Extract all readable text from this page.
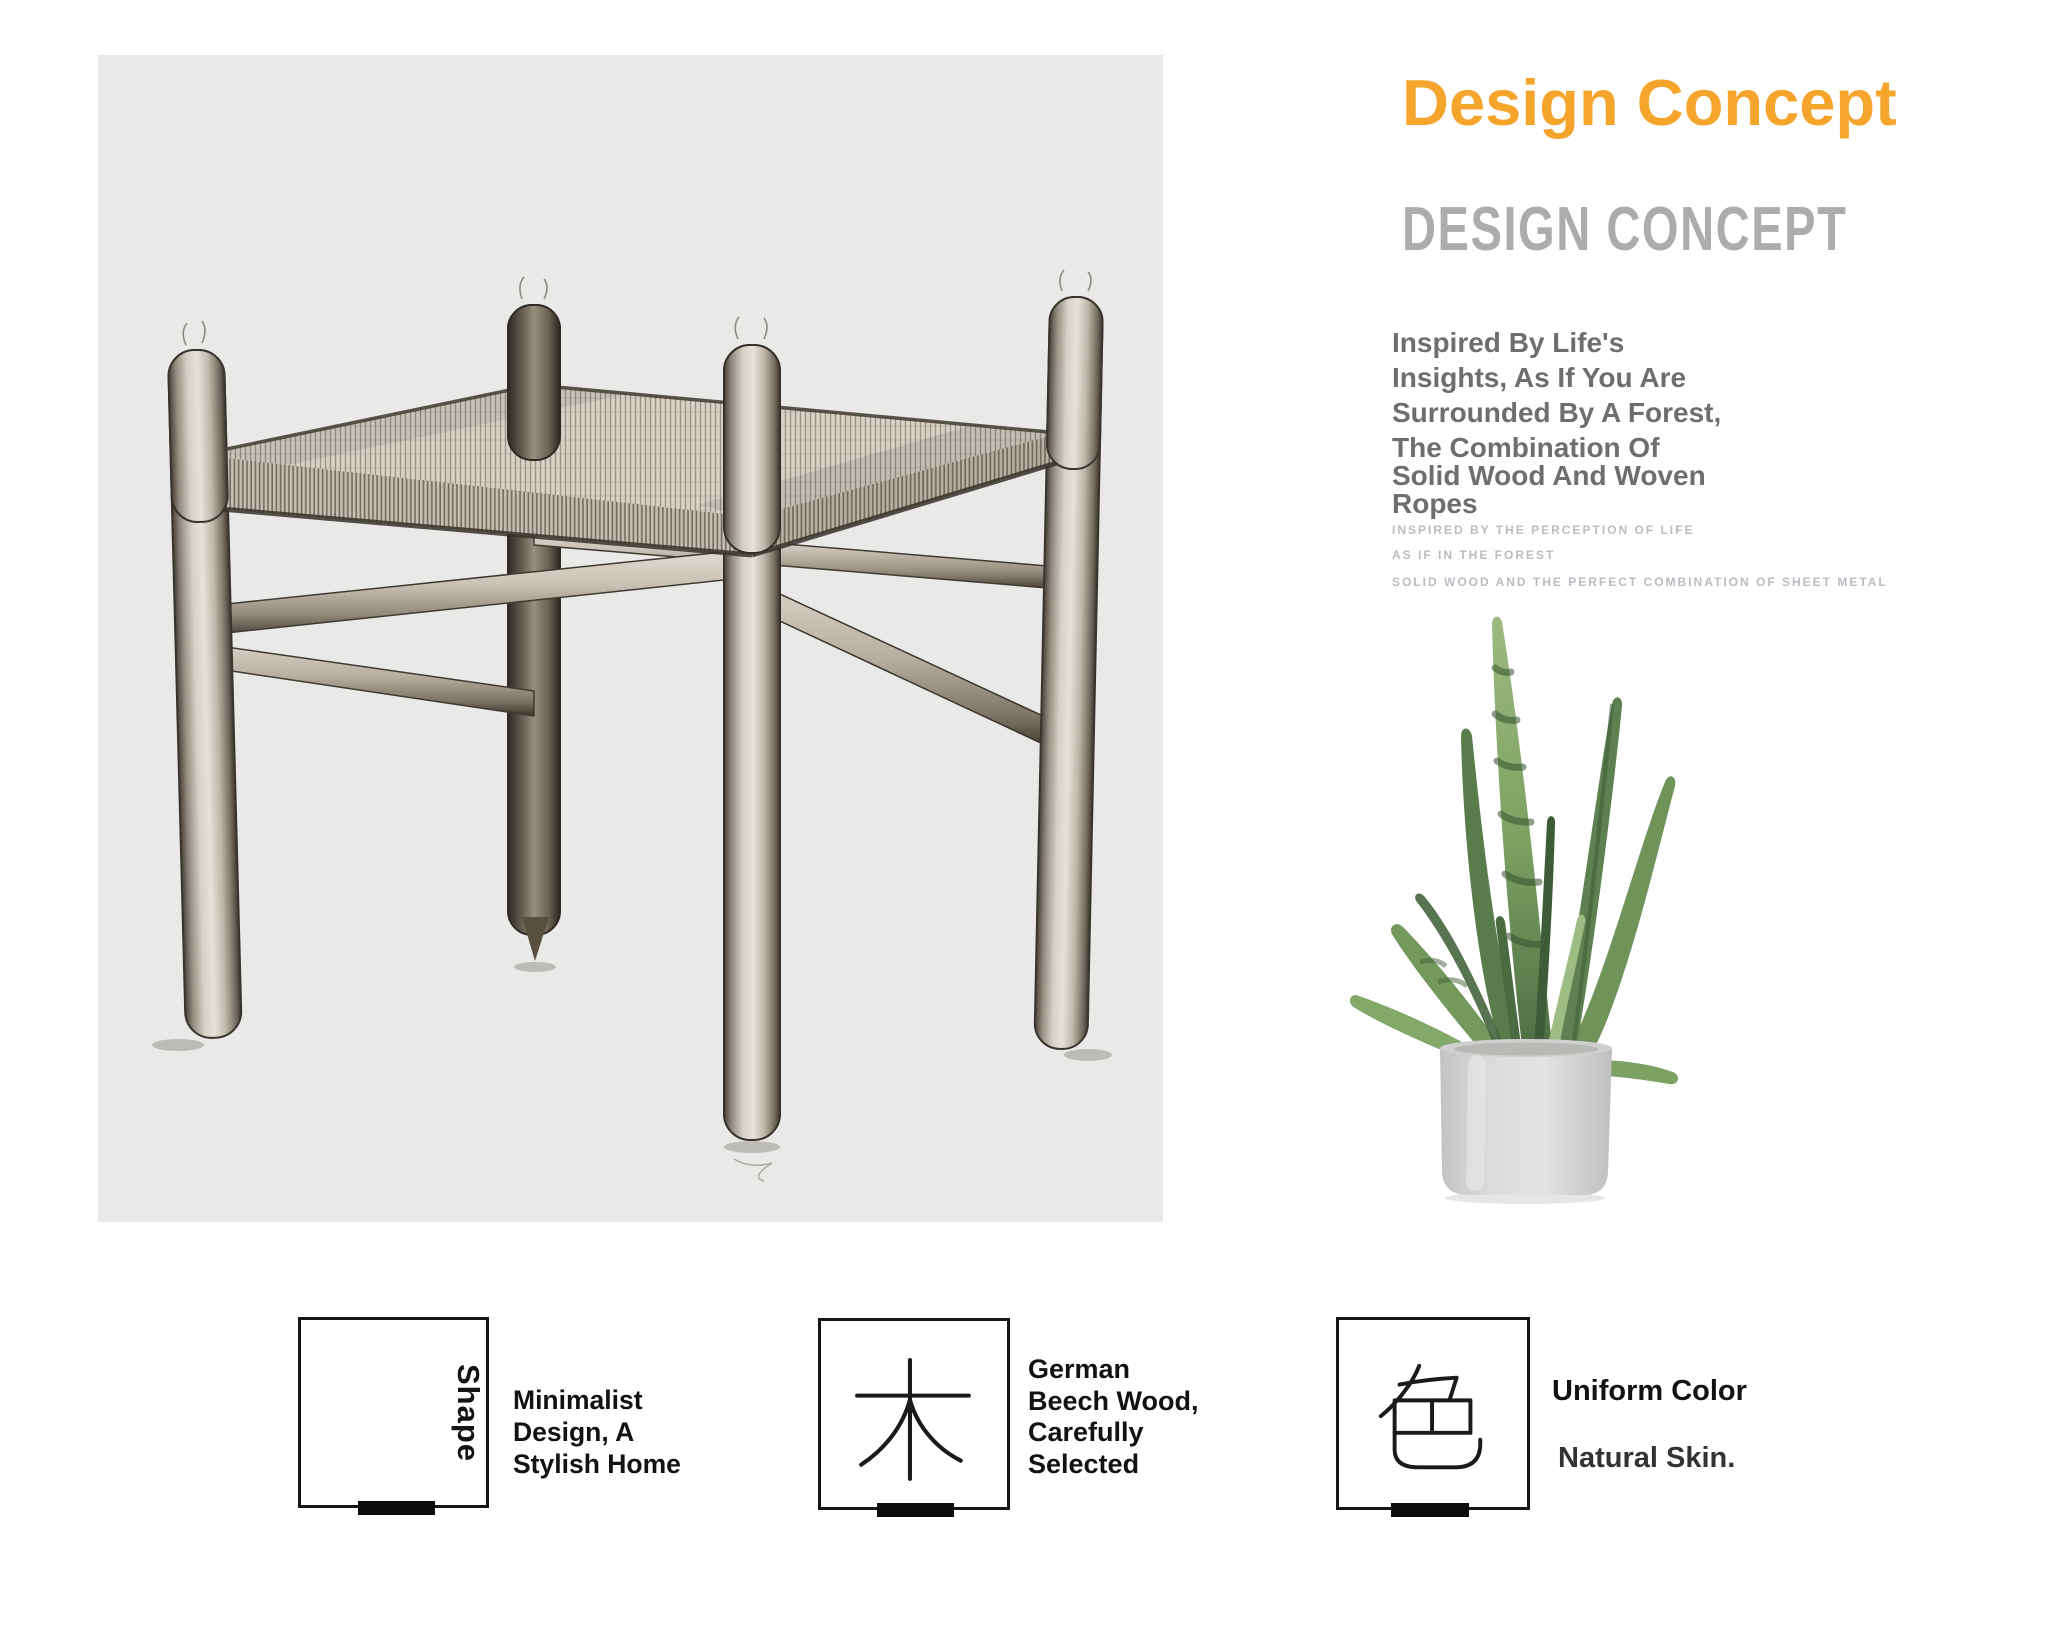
Design Concept
DESIGN CONCEPT
Inspired By Life's
Insights, As If You Are
Surrounded By A Forest,
The Combination Of
Solid Wood And Woven
Ropes
INSPIRED BY THE PERCEPTION OF LIFE
AS IF IN THE FOREST
SOLID WOOD AND THE PERFECT COMBINATION OF SHEET METAL
Shape Minimalist
Design, A
Stylish Home
German
Beech Wood,
Carefully
Selected
Uniform Color
Natural Skin.
